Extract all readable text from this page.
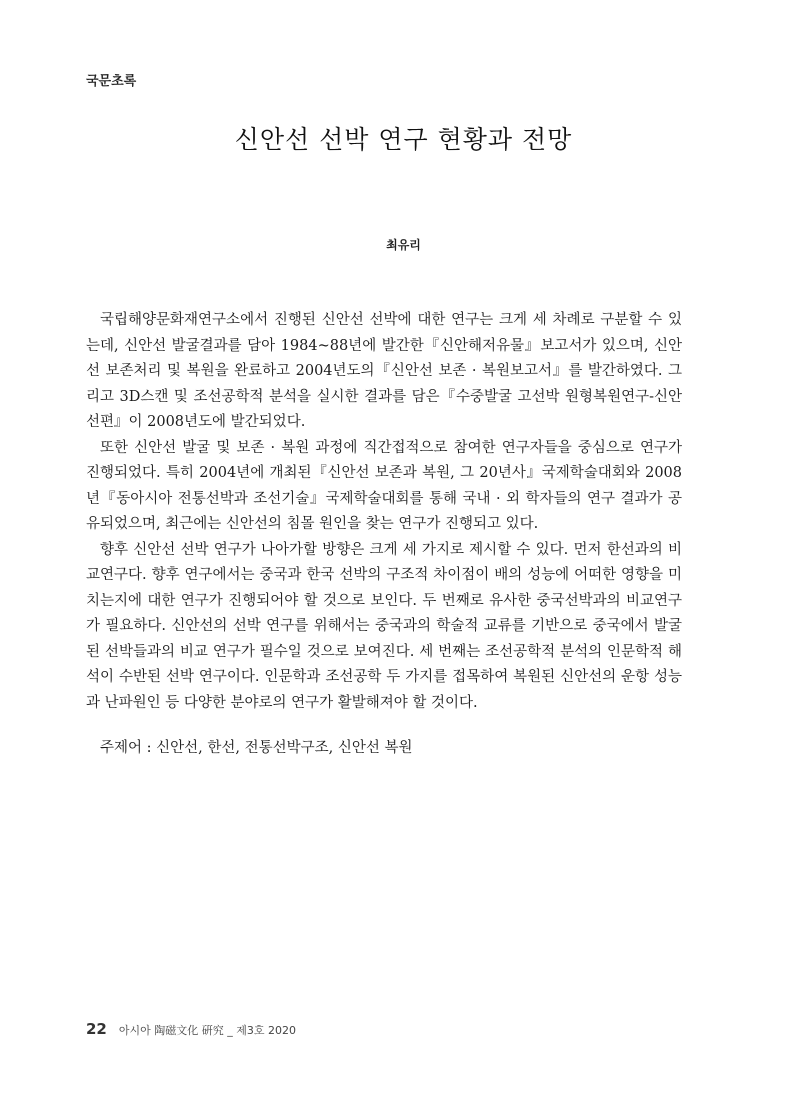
국문초록
신안선 선박 연구 현황과 전망
최유리

국립해양문화재연구소에서 진행된 신안선 선박에 대한 연구는 크게 세 차례로 구분할 수 있는데, 신안선 발굴결과를 담아 1984~88년에 발간한『신안해저유물』보고서가 있으며, 신안선 보존처리 및 복원을 완료하고 2004년도의『신안선 보존 · 복원보고서』를 발간하였다. 그리고 3D스캔 및 조선공학적 분석을 실시한 결과를 담은『수중발굴 고선박 원형복원연구-신안선편』이 2008년도에 발간되었다.

또한 신안선 발굴 및 보존 · 복원 과정에 직간접적으로 참여한 연구자들을 중심으로 연구가 진행되었다. 특히 2004년에 개최된『신안선 보존과 복원, 그 20년사』국제학술대회와 2008년『동아시아 전통선박과 조선기술』국제학술대회를 통해 국내 · 외 학자들의 연구 결과가 공유되었으며, 최근에는 신안선의 침몰 원인을 찾는 연구가 진행되고 있다.

향후 신안선 선박 연구가 나아가할 방향은 크게 세 가지로 제시할 수 있다. 먼저 한선과의 비교연구다. 향후 연구에서는 중국과 한국 선박의 구조적 차이점이 배의 성능에 어떠한 영향을 미치는지에 대한 연구가 진행되어야 할 것으로 보인다. 두 번째로 유사한 중국선박과의 비교연구가 필요하다. 신안선의 선박 연구를 위해서는 중국과의 학술적 교류를 기반으로 중국에서 발굴된 선박들과의 비교 연구가 필수일 것으로 보여진다. 세 번째는 조선공학적 분석의 인문학적 해석이 수반된 선박 연구이다. 인문학과 조선공학 두 가지를 접목하여 복원된 신안선의 운항 성능과 난파원인 등 다양한 분야로의 연구가 활발해져야 할 것이다.

주제어 : 신안선, 한선, 전통선박구조, 신안선 복원
22 아시아 陶磁文化 硏究 _ 제3호 2020
